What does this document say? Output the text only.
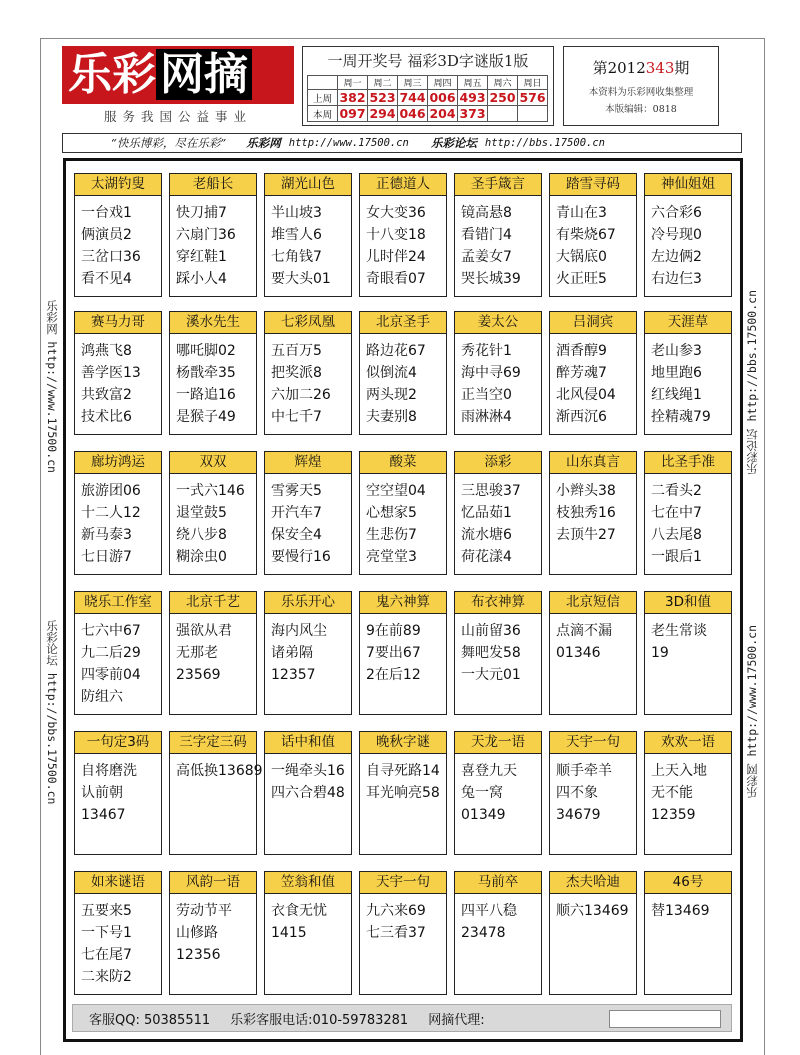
乐彩网摘
服务我国公益事业
一周开奖号 福彩3D字谜版1版
	周一	周二	周三	周四	周五	周六	周日
上周	382	523	744	006	493	250	576
本周	097	294	046	204	373		
第2012343期
本资料为乐彩网收集整理
本版编辑：0818
“快乐博彩，尽在乐彩” 乐彩网 http://www.17500.cn 乐彩论坛 http://bbs.17500.cn
乐彩网 http://www.17500.cn
乐彩论坛 http://bbs.17500.cn
乐彩论坛 http://bbs.17500.cn
乐彩网 http://www.17500.cn
太湖钓叟
一台戏1
俩演员2
三岔口36
看不见4
老船长
快刀捕7
六扇门36
穿红鞋1
踩小人4
湖光山色
半山坡3
堆雪人6
七角钱7
要大头01
正德道人
女大变36
十八变18
儿时伴24
奇眼看07
圣手箴言
镜高悬8
看错门4
孟姜女7
哭长城39
踏雪寻码
青山在3
有柴烧67
大锅底0
火正旺5
神仙姐姐
六合彩6
冷号现0
左边俩2
右边仨3
赛马力哥
鸿燕飞8
善学医13
共致富2
技术比6
溪水先生
哪吒脚02
杨戬牵35
一路追16
是猴子49
七彩凤凰
五百万5
把奖派8
六加二26
中七千7
北京圣手
路边花67
似倒流4
两头现2
夫妻别8
姜太公
秀花针1
海中寻69
正当空0
雨淋淋4
吕洞宾
酒香醇9
醉芳魂7
北风侵04
渐西沉6
天涯草
老山参3
地里跑6
红线绳1
拴精魂79
廊坊鸿运
旅游团06
十二人12
新马泰3
七日游7
双双
一式六146
退堂鼓5
绕八步8
糊涂虫0
辉煌
雪雾天5
开汽车7
保安全4
要慢行16
酸菜
空空望04
心想家5
生悲伤7
亮堂堂3
添彩
三思骏37
忆品茹1
流水塘6
荷花漾4
山东真言
小辫头38
枝独秀16
去顶牛27
比圣手准
二看头2
七在中7
八去尾8
一跟后1
晓乐工作室
七六中67
九二后29
四零前04
防组六
北京千艺
强欲从君
无那老
23569
乐乐开心
海内风尘
诸弟隔
12357
鬼六神算
9在前89
7要出67
2在后12
布衣神算
山前留36
舞吧发58
一大元01
北京短信
点滴不漏
01346
3D和值
老生常谈
19
一句定3码
自将磨洗
认前朝
13467
三字定三码
高低换13689
话中和值
一绳牵头16
四六合碧48
晚秋字谜
自寻死路14
耳光响亮58
天龙一语
喜登九天
兔一窝
01349
天宇一句
顺手牵羊
四不象
34679
欢欢一语
上天入地
无不能
12359
如来谜语
五要来5
一下号1
七在尾7
二来防2
风韵一语
劳动节平
山修路
12356
笠翁和值
衣食无忧
1415
天宇一句
九六来69
七三看37
马前卒
四平八稳
23478
杰夫哈迪
顺六13469
46号
替13469
客服QQ: 50385511 乐彩客服电话:010-59783281 网摘代理:
